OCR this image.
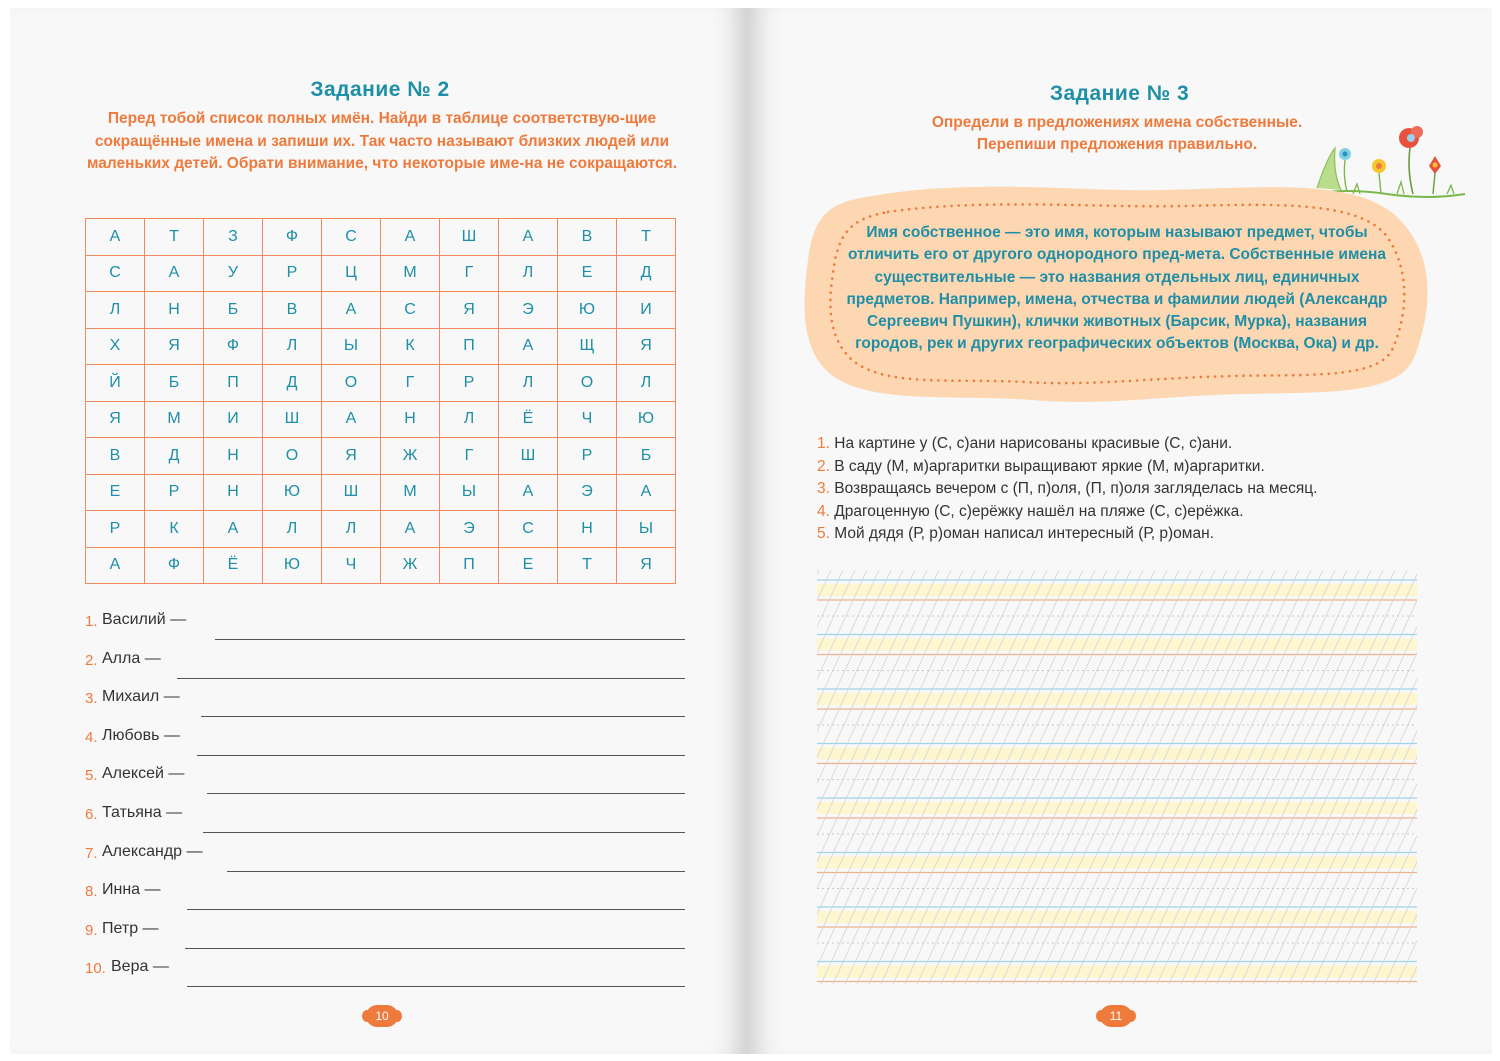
Задание № 2

Перед тобой список полных имён. Найди в таблице соответствую-щие сокращённые имена и запиши их. Так часто называют близких людей или маленьких детей. Обрати внимание, что некоторые име-на не сокращаются.

А	Т	З	Ф	С	А	Ш	А	В	Т
С	А	У	Р	Ц	М	Г	Л	Е	Д
Л	Н	Б	В	А	С	Я	Э	Ю	И
Х	Я	Ф	Л	Ы	К	П	А	Щ	Я
Й	Б	П	Д	О	Г	Р	Л	О	Л
Я	М	И	Ш	А	Н	Л	Ё	Ч	Ю
В	Д	Н	О	Я	Ж	Г	Ш	Р	Б
Е	Р	Н	Ю	Ш	М	Ы	А	Э	А
Р	К	А	Л	Л	А	Э	С	Н	Ы
А	Ф	Ё	Ю	Ч	Ж	П	Е	Т	Я
1. Василий —
2. Алла —
3. Михаил —
4. Любовь —
5. Алексей —
6. Татьяна —
7. Александр —
8. Инна —
9. Петр —
10. Вера —
10
Задание № 3

Определи в предложениях имена собственные.

Перепиши предложения правильно.

Имя собственное — это имя, которым называют предмет, чтобы отличить его от другого однородного пред-мета. Собственные имена существительные — это названия отдельных лиц, единичных предметов. Например, имена, отчества и фамилии людей (Александр Сергеевич Пушкин), клички животных (Барсик, Мурка), названия городов, рек и других географических объектов (Москва, Ока) и др.

1. На картине у (С, с)ани нарисованы красивые (С, с)ани.
2. В саду (М, м)аргаритки выращивают яркие (М, м)аргаритки.
3. Возвращаясь вечером с (П, п)оля, (П, п)оля загляделась на месяц.
4. Драгоценную (С, с)ерёжку нашёл на пляже (С, с)ерёжка.
5. Мой дядя (Р, р)оман написал интересный (Р, р)оман.
11
